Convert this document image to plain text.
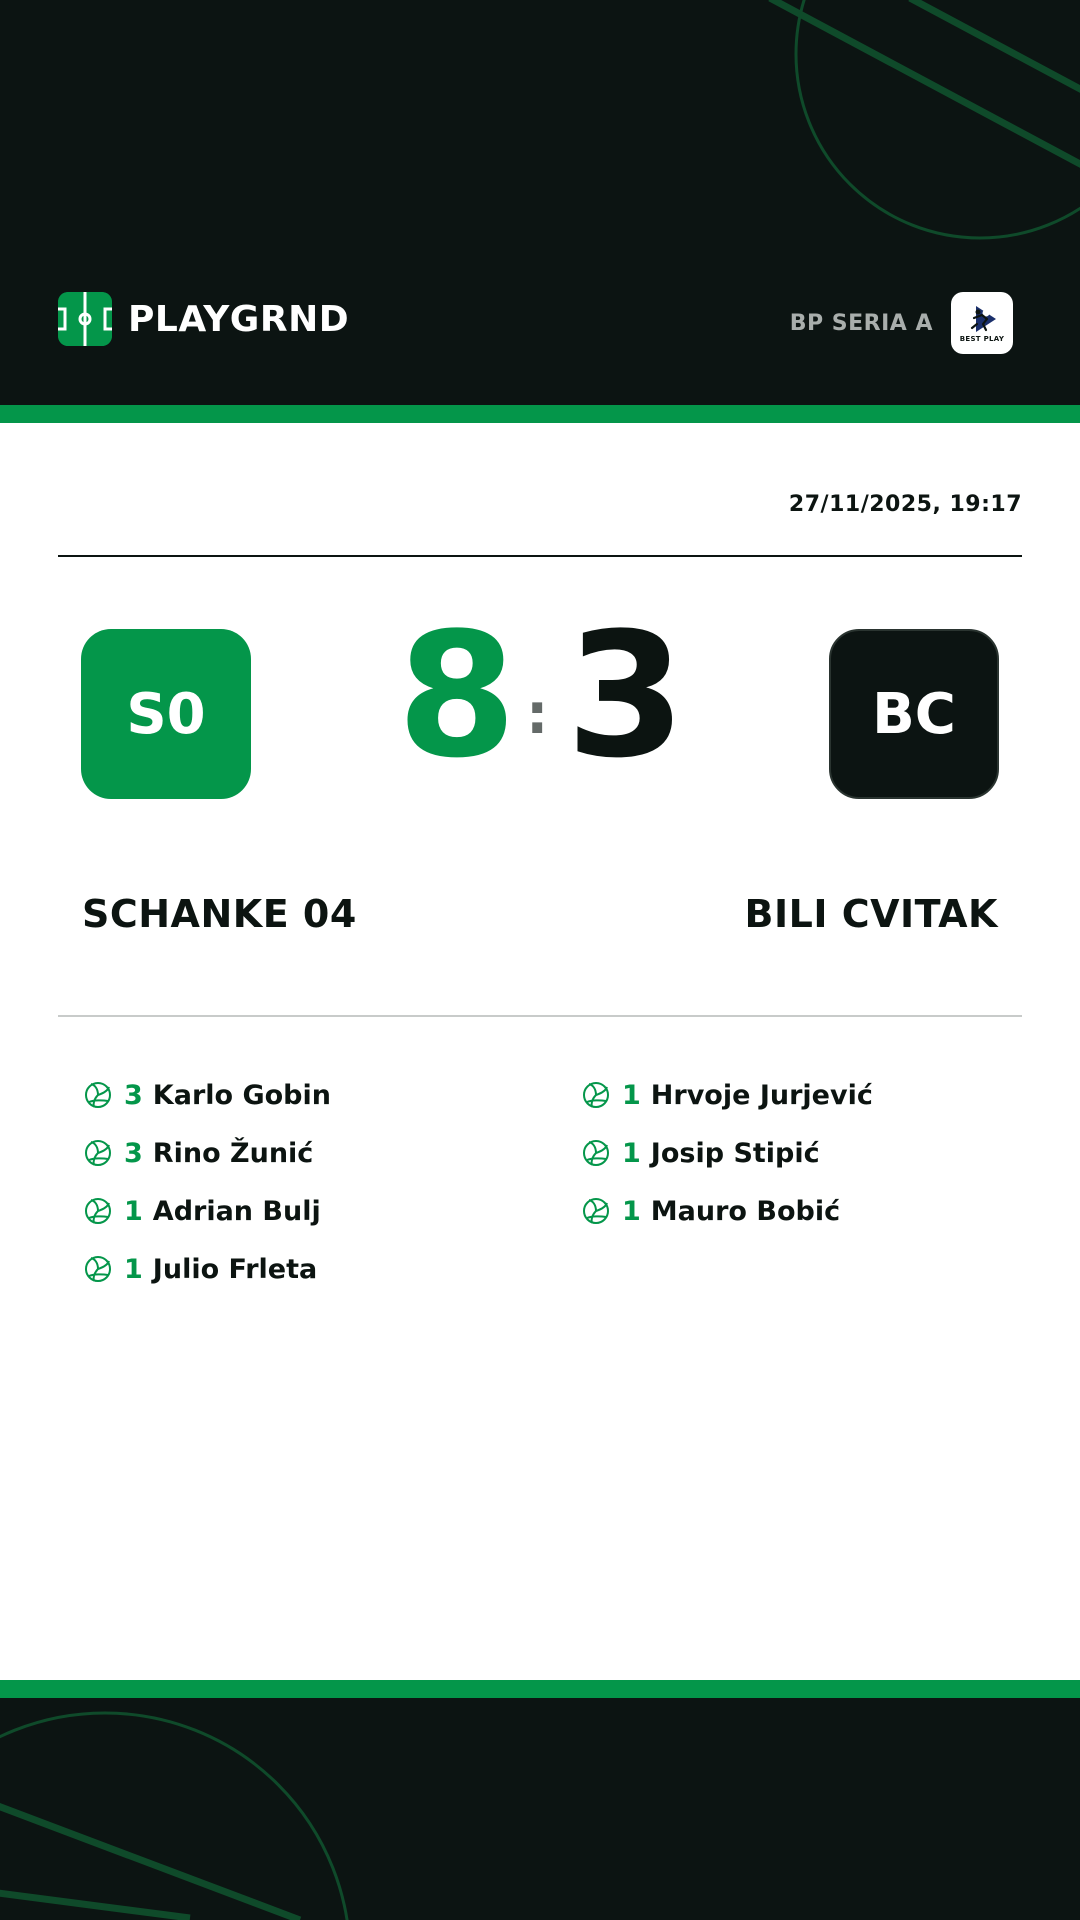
PLAYGRND	BP SERIA A
BEST PLAY
27/11/2025, 19:17
S0 8 : 3	BC
SCHANKE 04	BILI CVITAK
3 Karlo Gobin
3 Rino Žunić
1 Adrian Bulj
1 Julio Frleta
1 Hrvoje Jurjević
1 Josip Stipić
1 Mauro Bobić
